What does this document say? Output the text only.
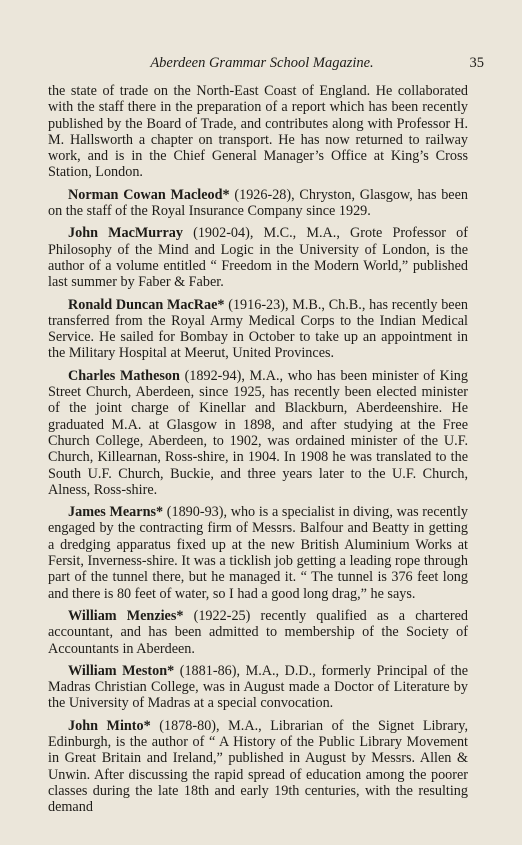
Aberdeen Grammar School Magazine.	35

the state of trade on the North-East Coast of England. He collaborated with the staff there in the preparation of a report which has been recently published by the Board of Trade, and contributes along with Professor H. M. Hallsworth a chapter on transport. He has now returned to railway work, and is in the Chief General Manager’s Office at King’s Cross Station, London.

Norman Cowan Macleod* (1926-28), Chryston, Glasgow, has been on the staff of the Royal Insurance Company since 1929.

John MacMurray (1902-04), M.C., M.A., Grote Professor of Philosophy of the Mind and Logic in the University of London, is the author of a volume entitled “ Freedom in the Modern World,” published last summer by Faber & Faber.

Ronald Duncan MacRae* (1916-23), M.B., Ch.B., has recently been transferred from the Royal Army Medical Corps to the Indian Medical Service. He sailed for Bombay in October to take up an appointment in the Military Hospital at Meerut, United Provinces.

Charles Matheson (1892-94), M.A., who has been minister of King Street Church, Aberdeen, since 1925, has recently been elected minister of the joint charge of Kinellar and Blackburn, Aberdeenshire. He graduated M.A. at Glasgow in 1898, and after studying at the Free Church College, Aberdeen, to 1902, was ordained minister of the U.F. Church, Killearnan, Ross-shire, in 1904. In 1908 he was translated to the South U.F. Church, Buckie, and three years later to the U.F. Church, Alness, Ross-shire.

James Mearns* (1890-93), who is a specialist in diving, was recently engaged by the contracting firm of Messrs. Balfour and Beatty in getting a dredging apparatus fixed up at the new British Aluminium Works at Fersit, Inverness-shire. It was a ticklish job getting a leading rope through part of the tunnel there, but he managed it. “ The tunnel is 376 feet long and there is 80 feet of water, so I had a good long drag,” he says.

William Menzies* (1922-25) recently qualified as a chartered accountant, and has been admitted to membership of the Society of Accountants in Aberdeen.

William Meston* (1881-86), M.A., D.D., formerly Principal of the Madras Christian College, was in August made a Doctor of Literature by the University of Madras at a special convocation.

John Minto* (1878-80), M.A., Librarian of the Signet Library, Edinburgh, is the author of “ A History of the Public Library Movement in Great Britain and Ireland,” published in August by Messrs. Allen & Unwin. After discussing the rapid spread of education among the poorer classes during the late 18th and early 19th centuries, with the resulting demand
